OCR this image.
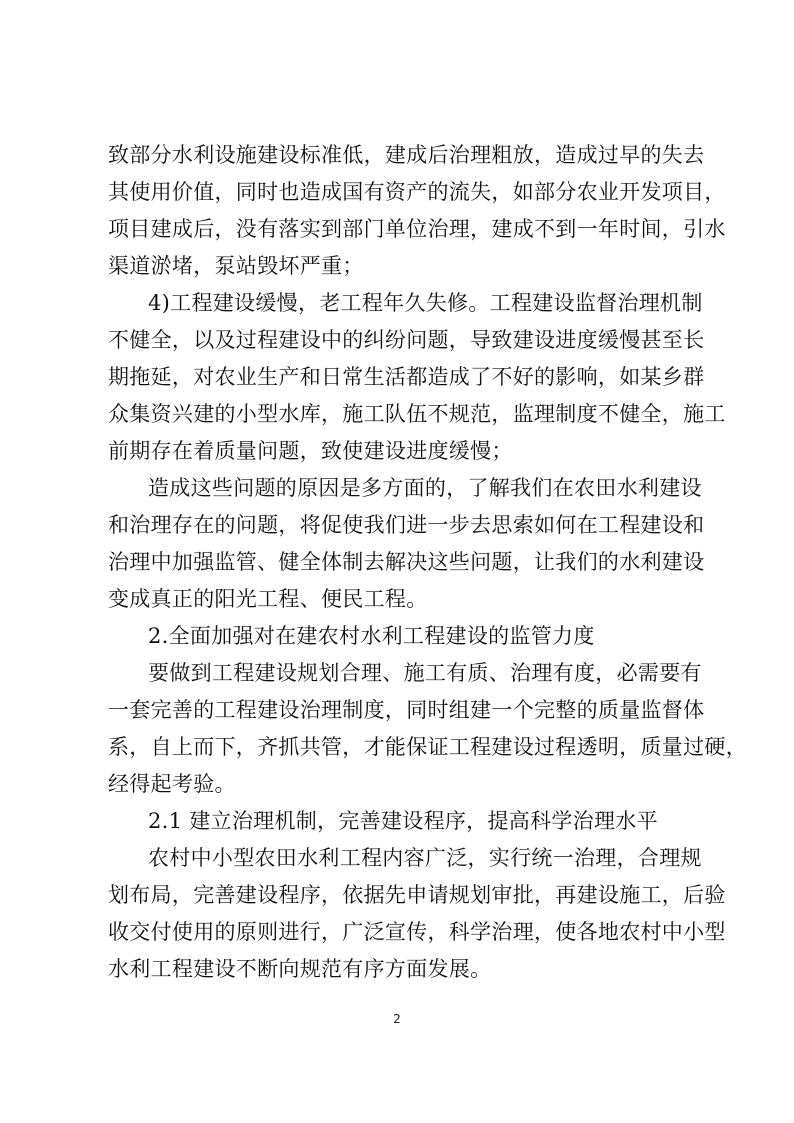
致部分水利设施建设标准低，建成后治理粗放，造成过早的失去
其使用价值，同时也造成国有资产的流失，如部分农业开发项目，
项目建成后，没有落实到部门单位治理，建成不到一年时间，引水
渠道淤堵，泵站毁坏严重；
4)工程建设缓慢，老工程年久失修。工程建设监督治理机制
不健全，以及过程建设中的纠纷问题，导致建设进度缓慢甚至长
期拖延，对农业生产和日常生活都造成了不好的影响，如某乡群
众集资兴建的小型水库，施工队伍不规范，监理制度不健全，施工
前期存在着质量问题，致使建设进度缓慢；
造成这些问题的原因是多方面的，了解我们在农田水利建设
和治理存在的问题，将促使我们进一步去思索如何在工程建设和
治理中加强监管、健全体制去解决这些问题，让我们的水利建设
变成真正的阳光工程、便民工程。
2.全面加强对在建农村水利工程建设的监管力度
要做到工程建设规划合理、施工有质、治理有度，必需要有
一套完善的工程建设治理制度，同时组建一个完整的质量监督体
系，自上而下，齐抓共管，才能保证工程建设过程透明，质量过硬，
经得起考验。
2.1 建立治理机制，完善建设程序，提高科学治理水平
农村中小型农田水利工程内容广泛，实行统一治理，合理规
划布局，完善建设程序，依据先申请规划审批，再建设施工，后验
收交付使用的原则进行，广泛宣传，科学治理，使各地农村中小型
水利工程建设不断向规范有序方面发展。
2
